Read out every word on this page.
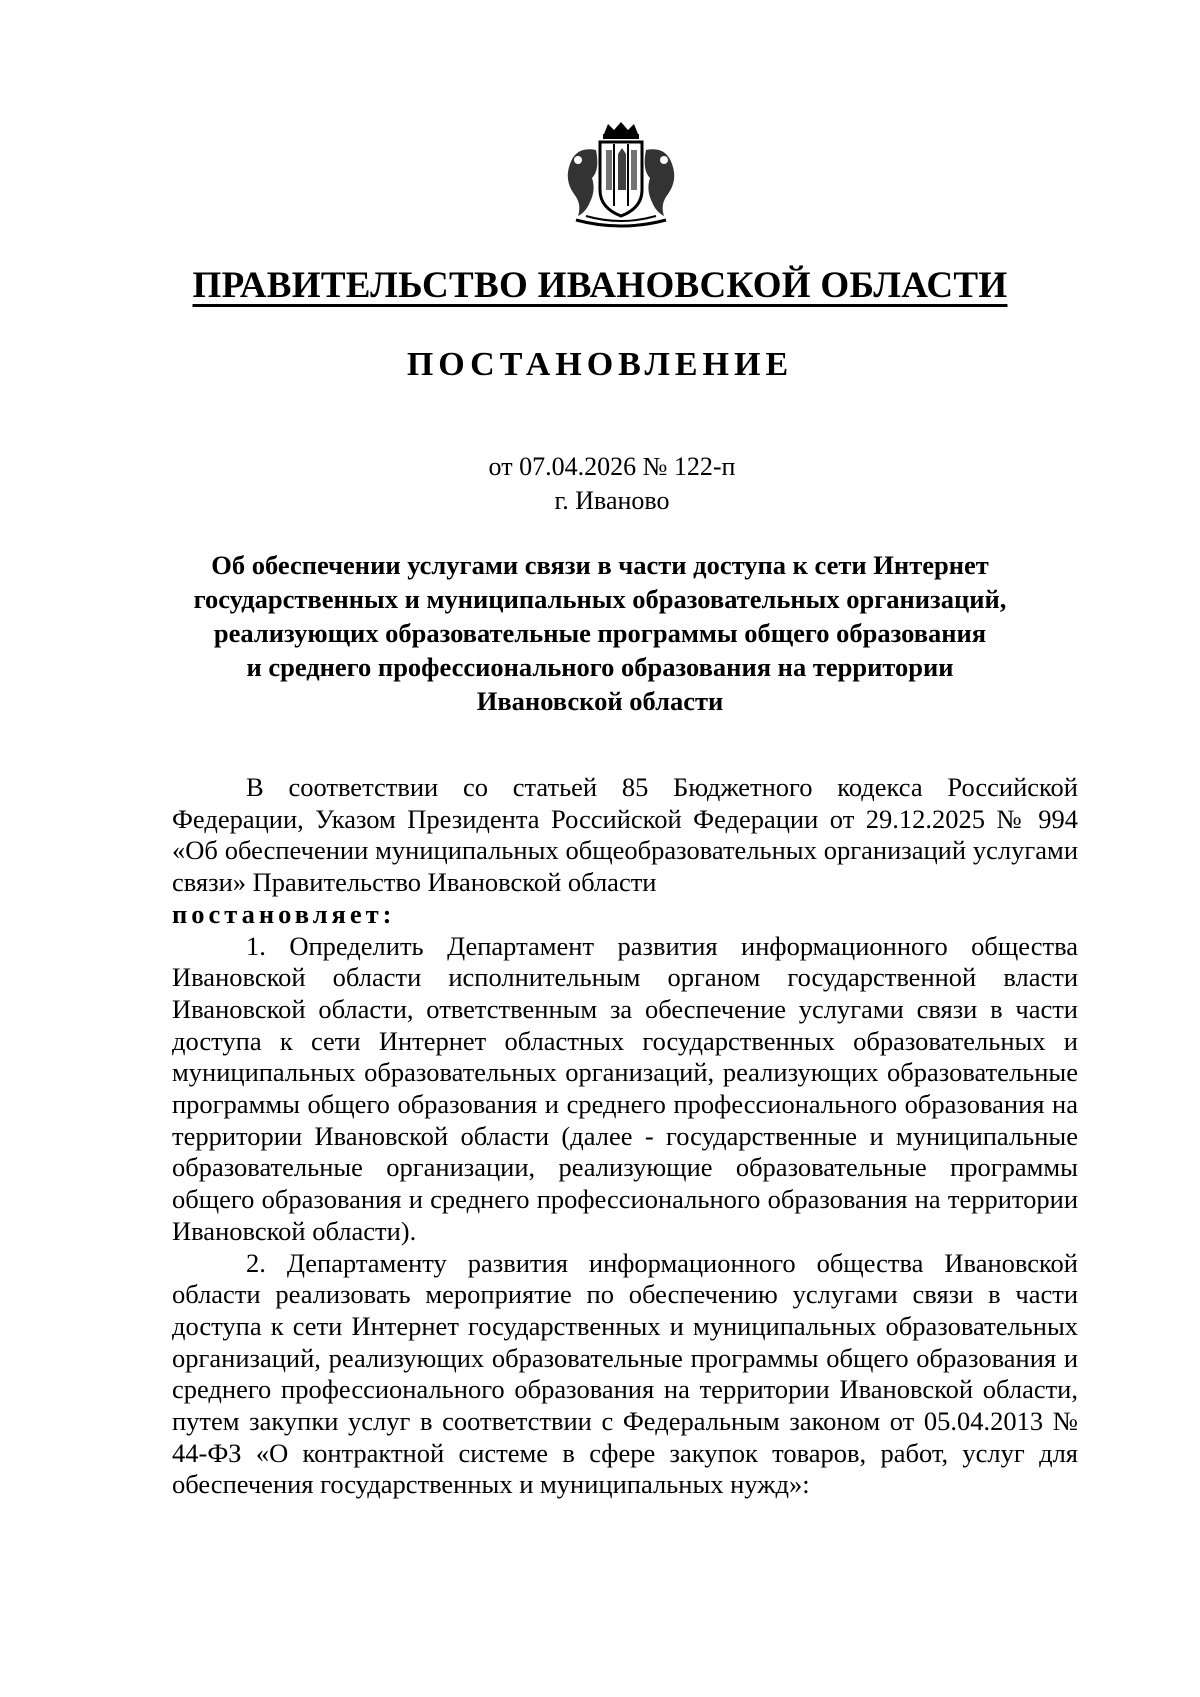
ПРАВИТЕЛЬСТВО ИВАНОВСКОЙ ОБЛАСТИ
ПОСТАНОВЛЕНИЕ
от 07.04.2026 № 122-п
г. Иваново
Об обеспечении услугами связи в части доступа к сети Интернет
государственных и муниципальных образовательных организаций,
реализующих образовательные программы общего образования
и среднего профессионального образования на территории
Ивановской области

В соответствии со статьей 85 Бюджетного кодекса Российской Федерации, Указом Президента Российской Федерации от 29.12.2025 № 994 «Об обеспечении муниципальных общеобразовательных организаций услугами связи» Правительство Ивановской области

постановляет:

1. Определить Департамент развития информационного общества Ивановской области исполнительным органом государственной власти Ивановской области, ответственным за обеспечение услугами связи в части доступа к сети Интернет областных государственных образовательных и муниципальных образовательных организаций, реализующих образовательные программы общего образования и среднего профессионального образования на территории Ивановской области (далее - государственные и муниципальные образовательные организации, реализующие образовательные программы общего образования и среднего профессионального образования на территории Ивановской области).

2. Департаменту развития информационного общества Ивановской области реализовать мероприятие по обеспечению услугами связи в части доступа к сети Интернет государственных и муниципальных образовательных организаций, реализующих образовательные программы общего образования и среднего профессионального образования на территории Ивановской области, путем закупки услуг в соответствии с Федеральным законом от 05.04.2013 № 44-ФЗ «О контрактной системе в сфере закупок товаров, работ, услуг для обеспечения государственных и муниципальных нужд»:
